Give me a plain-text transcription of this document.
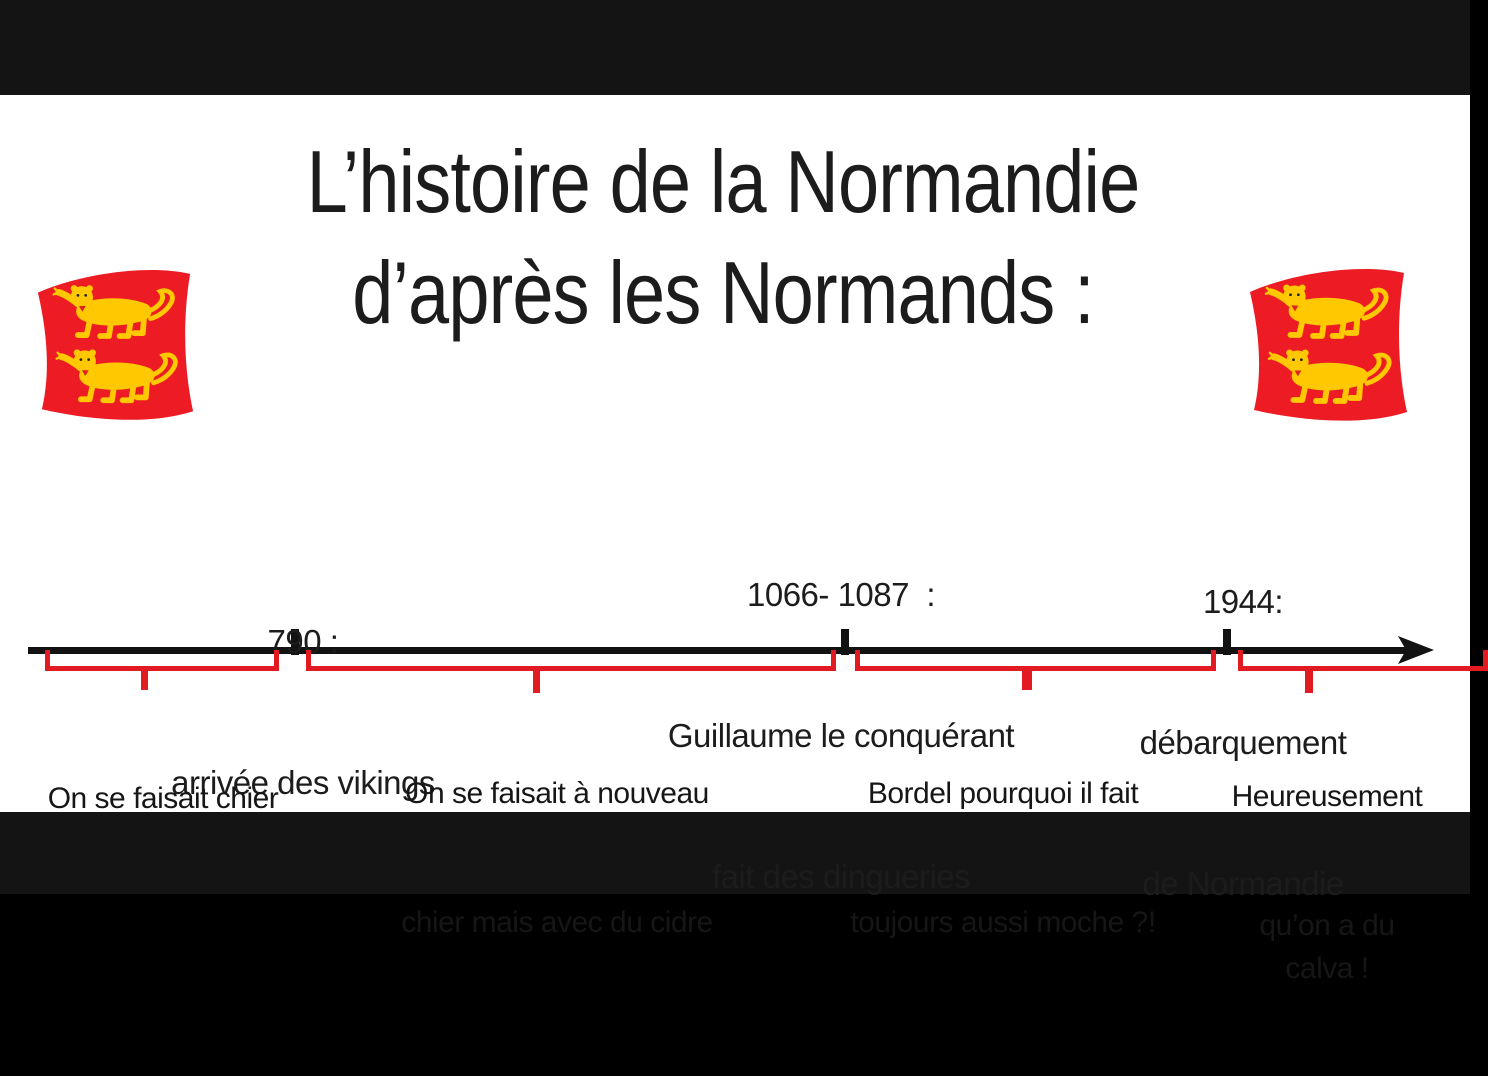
L’histoire de la Normandie
d’après les Normands :

790 :

arrivée des vikings

1066- 1087  :

Guillaume le conquérant

fait des dingueries

1944:

débarquement

de Normandie

On se faisait chier

	On se faisait à nouveau

chier mais avec du cidre

Bordel pourquoi il fait

toujours aussi moche ?!

Heureusement

qu’on a du calva !
